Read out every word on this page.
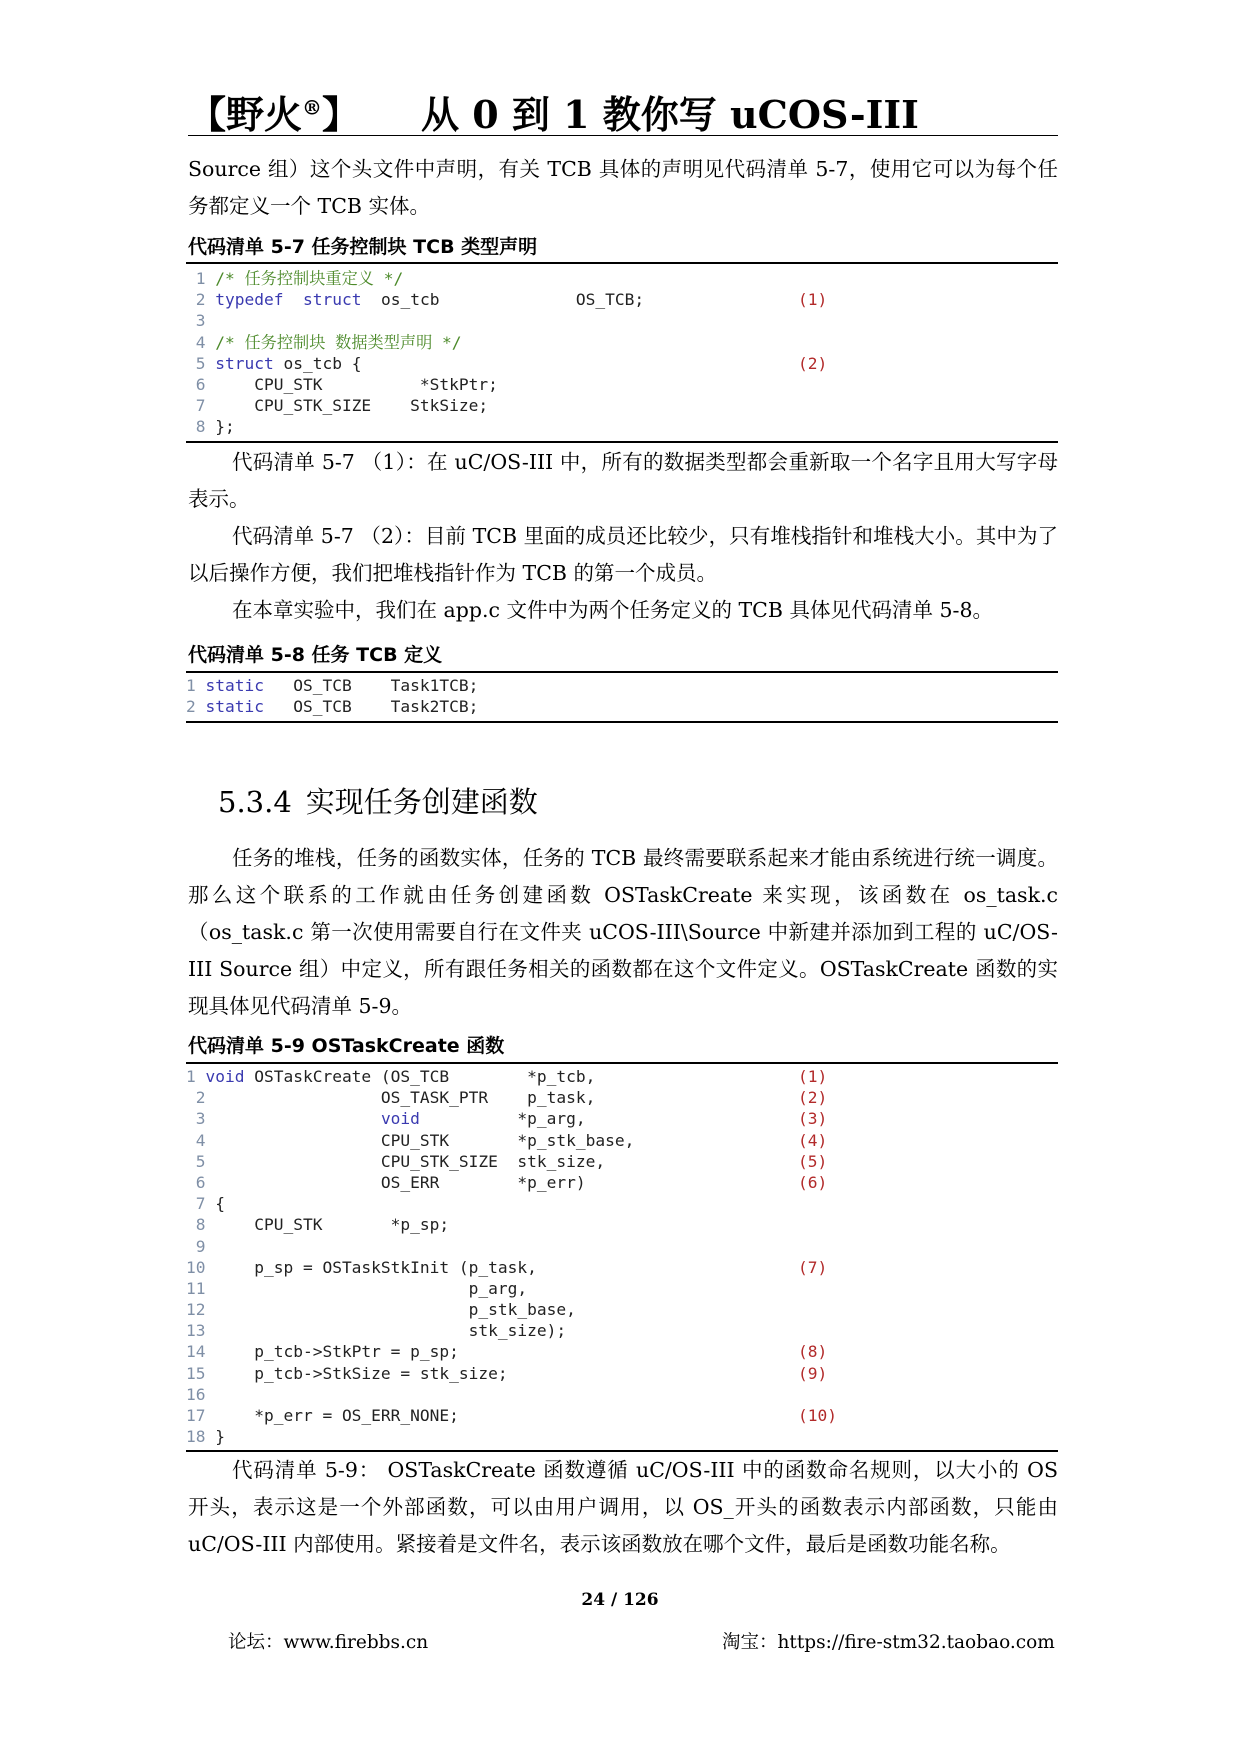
【野火®】 从 0 到 1 教你写 uCOS-III
Source 组）这个头文件中声明，有关 TCB 具体的声明见代码清单 5-7，使用它可以为每个任务都定义一个 TCB 实体。
代码清单 5-7 任务控制块 TCB 类型声明
1 /* 任务控制块重定义 */
2 typedef struct  os_tcb              OS_TCB;	(1)
3
4 /* 任务控制块 数据类型声明 */
5 struct os_tcb {	(2)
6     CPU_STK          *StkPtr;
7     CPU_STK_SIZE    StkSize;
8 };
代码清单 5-7 （1）：在 uC/OS-III 中，所有的数据类型都会重新取一个名字且用大写字母表示。
代码清单 5-7 （2）：目前 TCB 里面的成员还比较少，只有堆栈指针和堆栈大小。其中为了以后操作方便，我们把堆栈指针作为 TCB 的第一个成员。
在本章实验中，我们在 app.c 文件中为两个任务定义的 TCB 具体见代码清单 5-8。
代码清单 5-8 任务 TCB 定义
1 static   OS_TCB    Task1TCB;
2 static   OS_TCB    Task2TCB;
5.3.4 实现任务创建函数
任务的堆栈，任务的函数实体，任务的 TCB 最终需要联系起来才能由系统进行统一调度。那么这个联系的工作就由任务创建函数 OSTaskCreate 来实现，该函数在 os_task.c（os_task.c 第一次使用需要自行在文件夹 uCOS-III\Source 中新建并添加到工程的 uC/OS-III Source 组）中定义，所有跟任务相关的函数都在这个文件定义。OSTaskCreate 函数的实现具体见代码清单 5-9。
代码清单 5-9 OSTaskCreate 函数
1 void OSTaskCreate (OS_TCB        *p_tcb,	(1)
2                  OS_TASK_PTR    p_task,	(2)
3	void          *p_arg,	(3)
4                  CPU_STK       *p_stk_base,	(4)
5                  CPU_STK_SIZE  stk_size,	(5)
6                  OS_ERR        *p_err)	(6)
7 {
8     CPU_STK       *p_sp;
9
10     p_sp = OSTaskStkInit (p_task,	(7)
11                           p_arg,
12                           p_stk_base,
13                           stk_size);
14     p_tcb->StkPtr = p_sp;	(8)
15     p_tcb->StkSize = stk_size;	(9)
16
17     *p_err = OS_ERR_NONE;	(10)
18 }
代码清单 5-9： OSTaskCreate 函数遵循 uC/OS-III 中的函数命名规则，以大小的 OS 开头，表示这是一个外部函数，可以由用户调用，以 OS_开头的函数表示内部函数，只能由 uC/OS-III 内部使用。紧接着是文件名，表示该函数放在哪个文件，最后是函数功能名称。
24 / 126
论坛：www.firebbs.cn	淘宝：https://fire-stm32.taobao.com
